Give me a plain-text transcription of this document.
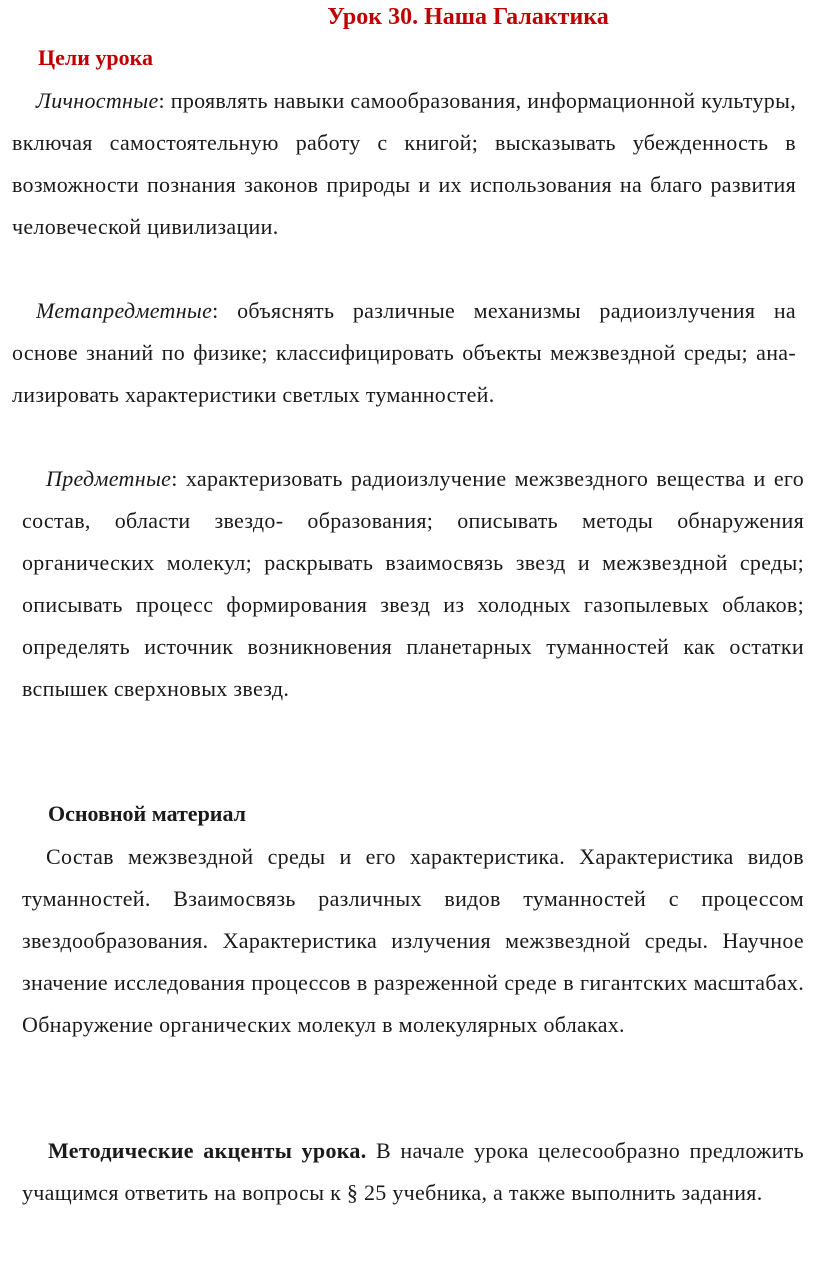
Урок 30. Наша Галактика
Цели урока
Личностные: проявлять навыки самообразования, информационной культуры, включая самостоятельную работу с книгой; высказывать убежденность в возможности познания законов природы и их использования на благо развития человеческой цивилизации.
Метапредметные: объяснять различные механизмы радиоизлучения на основе знаний по физике; классифицировать объекты межзвездной среды; ана- лизировать характеристики светлых туманностей.
Предметные: характеризовать радиоизлучение межзвездного вещества и его состав, области звездо- образования; описывать методы обнаружения органических молекул; раскрывать взаимосвязь звезд и межзвездной среды; описывать процесс формирования звезд из холодных газопылевых облаков; определять источник возникновения планетарных туманностей как остатки вспышек сверхновых звезд.
Основной материал
Состав межзвездной среды и его характеристика. Характеристика видов туманностей. Взаимосвязь различных видов туманностей с процессом звездообразования. Характеристика излучения межзвездной среды. Научное значение исследования процессов в разреженной среде в гигантских масштабах. Обнаружение органических молекул в молекулярных облаках.
Методические акценты урока. В начале урока целесообразно предложить учащимся ответить на вопросы к § 25 учебника, а также выполнить задания.
